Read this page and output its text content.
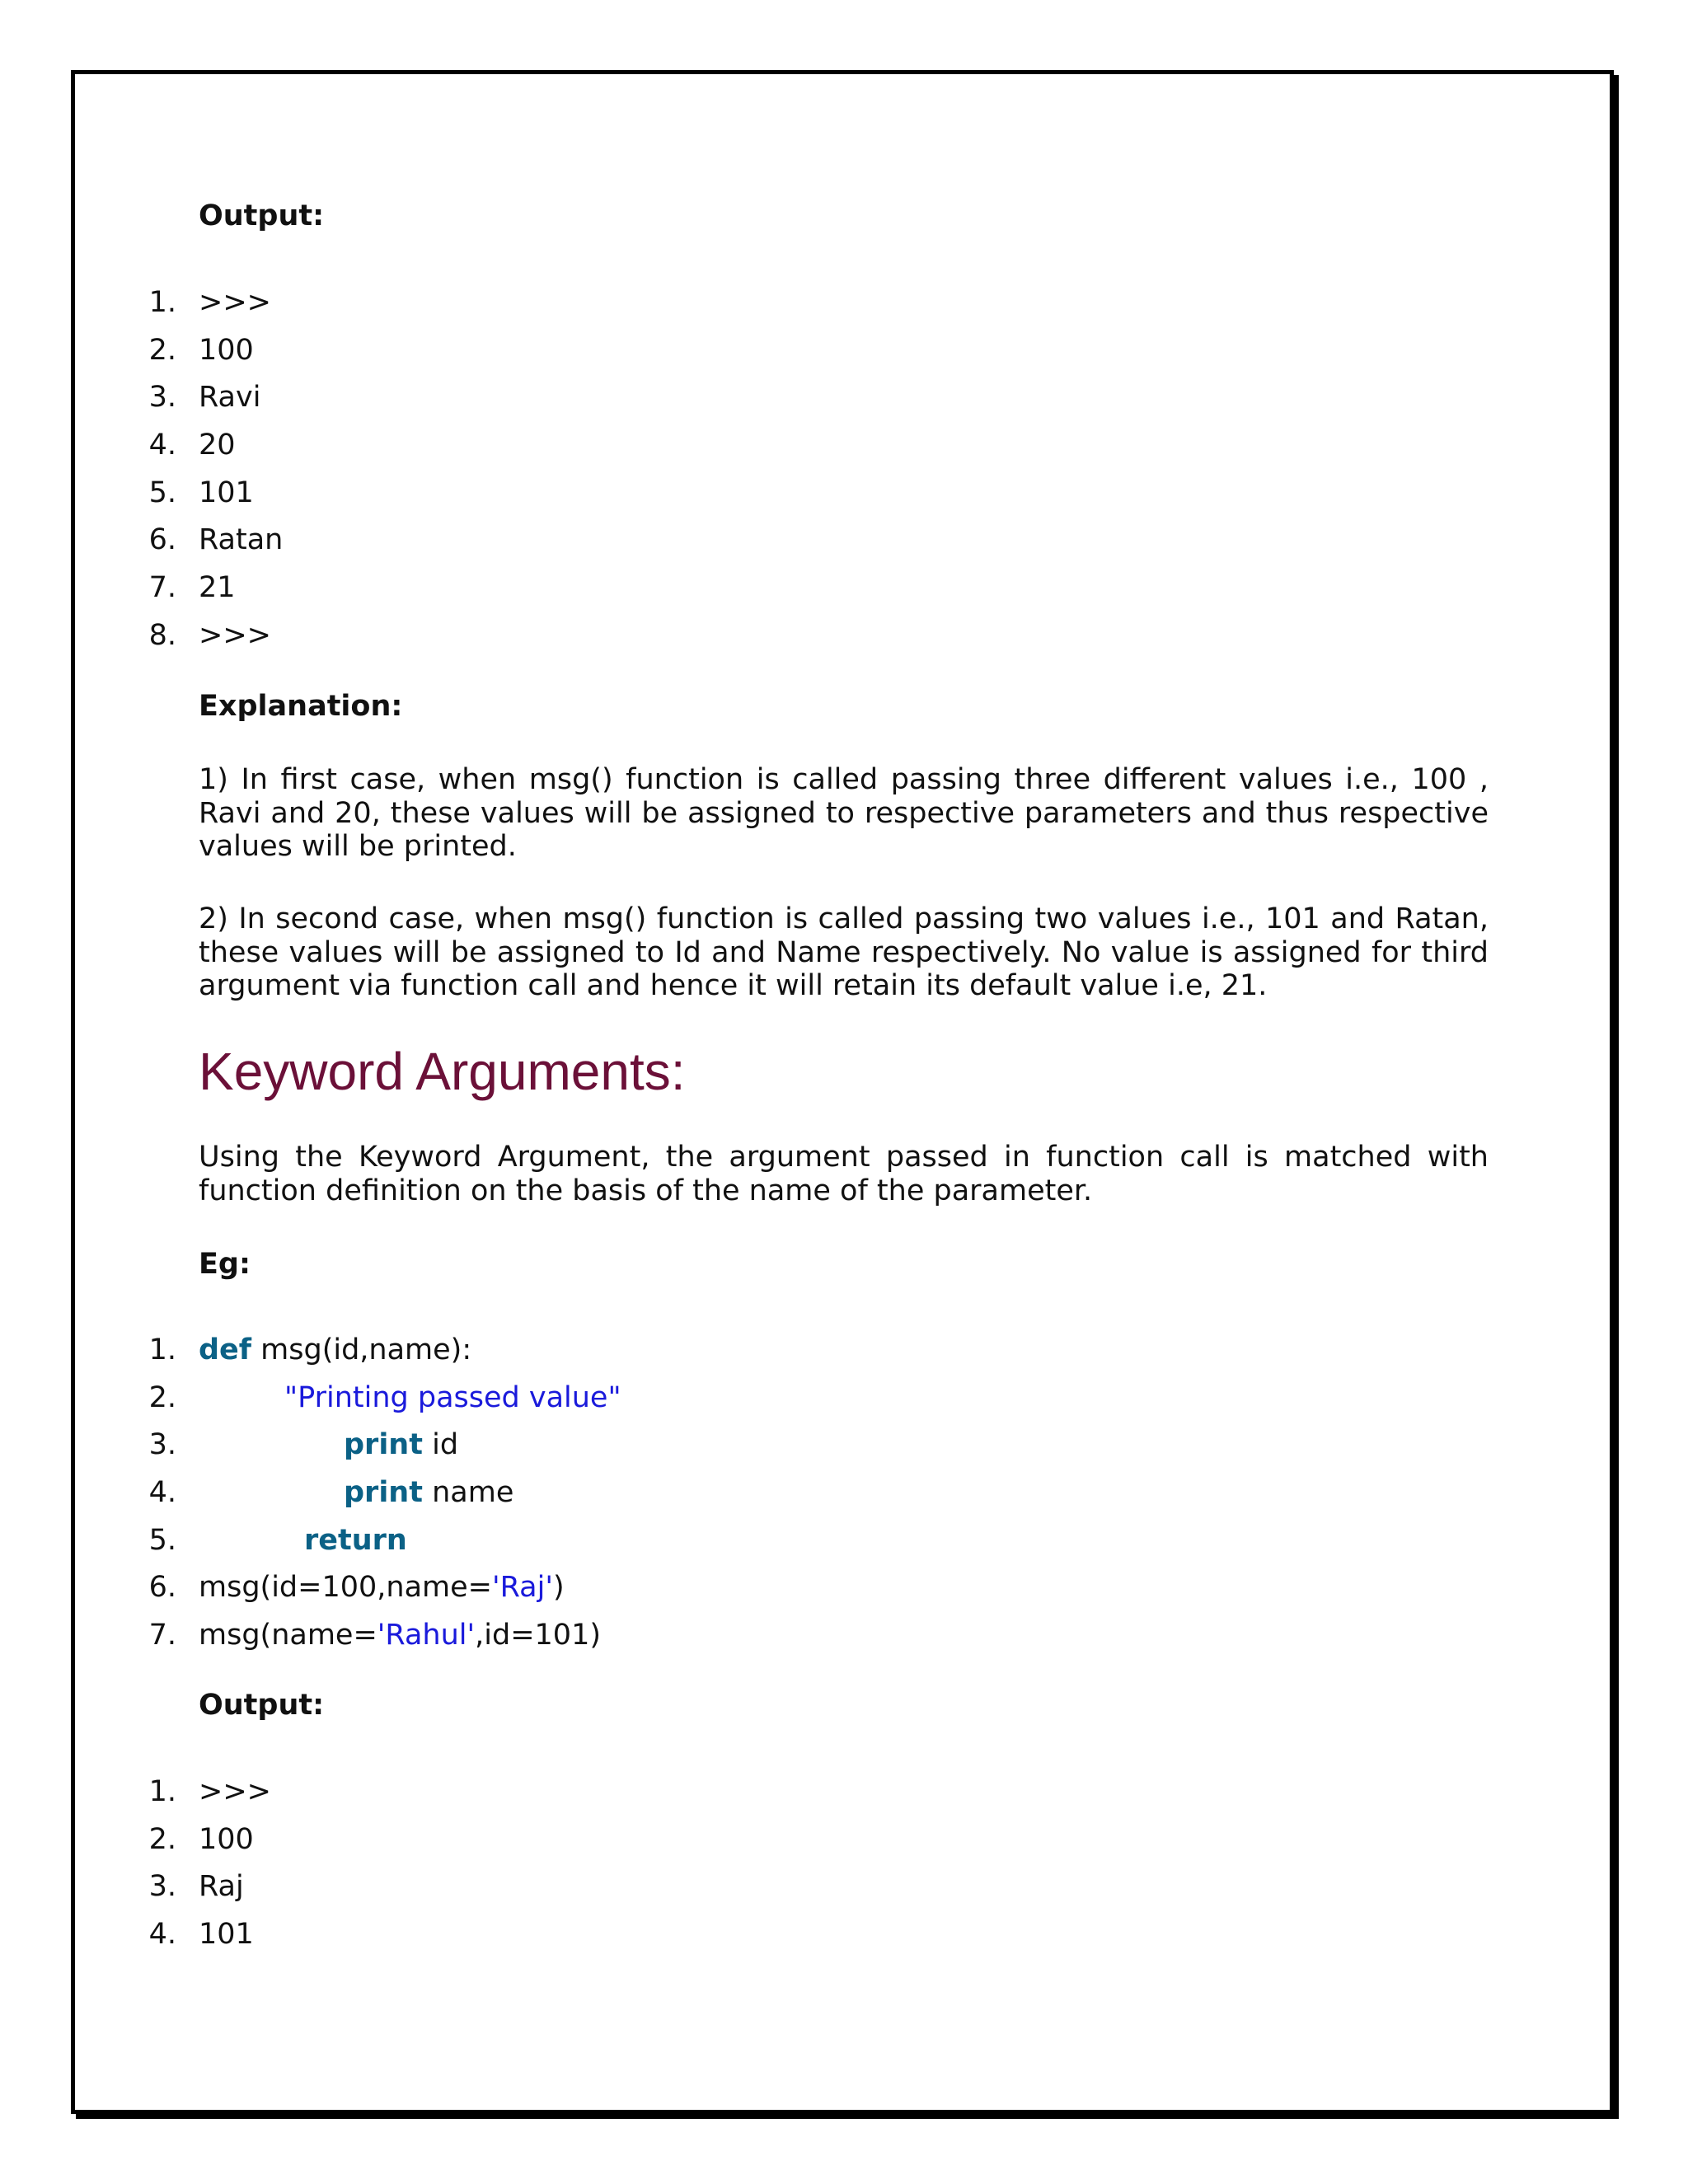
Output:
1. >>>
2. 100
3. Ravi
4. 20
5. 101
6. Ratan
7. 21
8. >>>
Explanation:
1) In first case, when msg() function is called passing three different values i.e., 100 , Ravi and 20, these values will be assigned to respective parameters and thus respective values will be printed.
2) In second case, when msg() function is called passing two values i.e., 101 and Ratan, these values will be assigned to Id and Name respectively. No value is assigned for third argument via function call and hence it will retain its default value i.e, 21.
Keyword Arguments:
Using the Keyword Argument, the argument passed in function call is matched with function definition on the basis of the name of the parameter.
Eg:
1. def msg(id,name):
2.	"Printing passed value"
3.	print id
4.	print name
5.	return
6. msg(id=100,name='Raj')
7. msg(name='Rahul',id=101)
Output:
1. >>>
2. 100
3. Raj
4. 101
